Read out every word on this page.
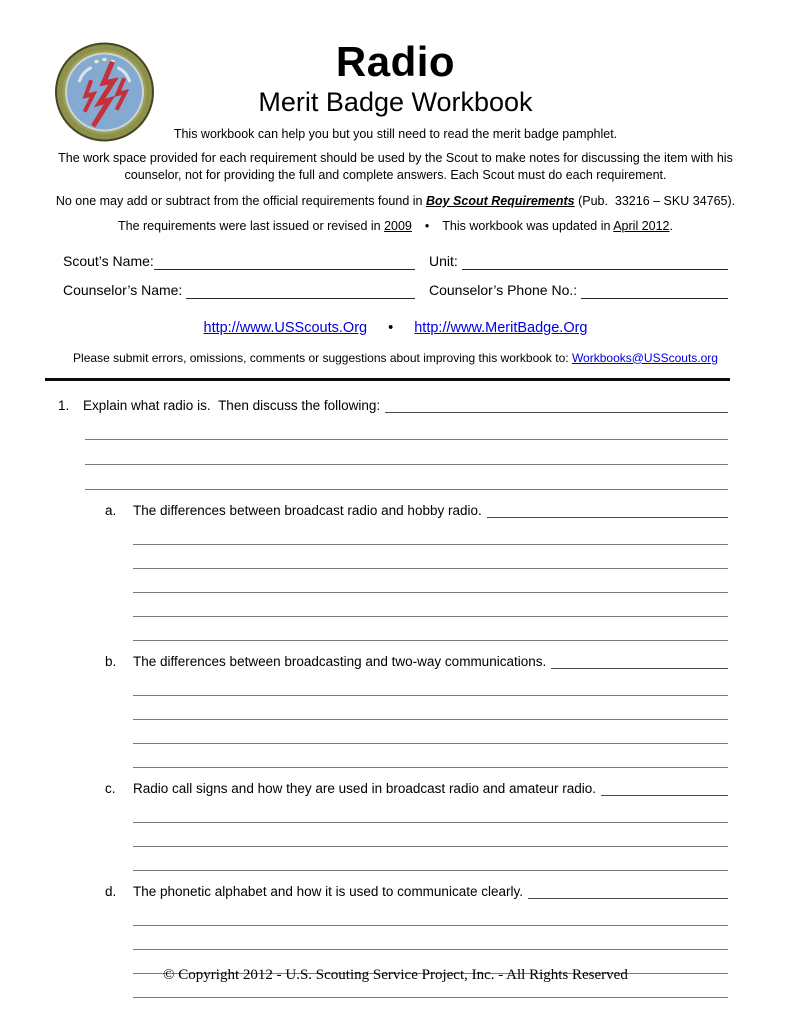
Radio
Merit Badge Workbook
This workbook can help you but you still need to read the merit badge pamphlet.
The work space provided for each requirement should be used by the Scout to make notes for discussing the item with his counselor, not for providing the full and complete answers. Each Scout must do each requirement.
No one may add or subtract from the official requirements found in Boy Scout Requirements (Pub.  33216 – SKU 34765).
The requirements were last issued or revised in 2009 • This workbook was updated in April 2012.
Scout’s Name:	Unit:
Counselor’s Name:	Counselor’s Phone No.:
http://www.USScouts.Org • http://www.MeritBadge.Org
Please submit errors, omissions, comments or suggestions about improving this workbook to: Workbooks@USScouts.org
1.	Explain what radio is.  Then discuss the following:
a.	The differences between broadcast radio and hobby radio.
b.	The differences between broadcasting and two-way communications.
c.	Radio call signs and how they are used in broadcast radio and amateur radio.
d.	The phonetic alphabet and how it is used to communicate clearly.
© Copyright 2012 - U.S. Scouting Service Project, Inc. - All Rights Reserved
